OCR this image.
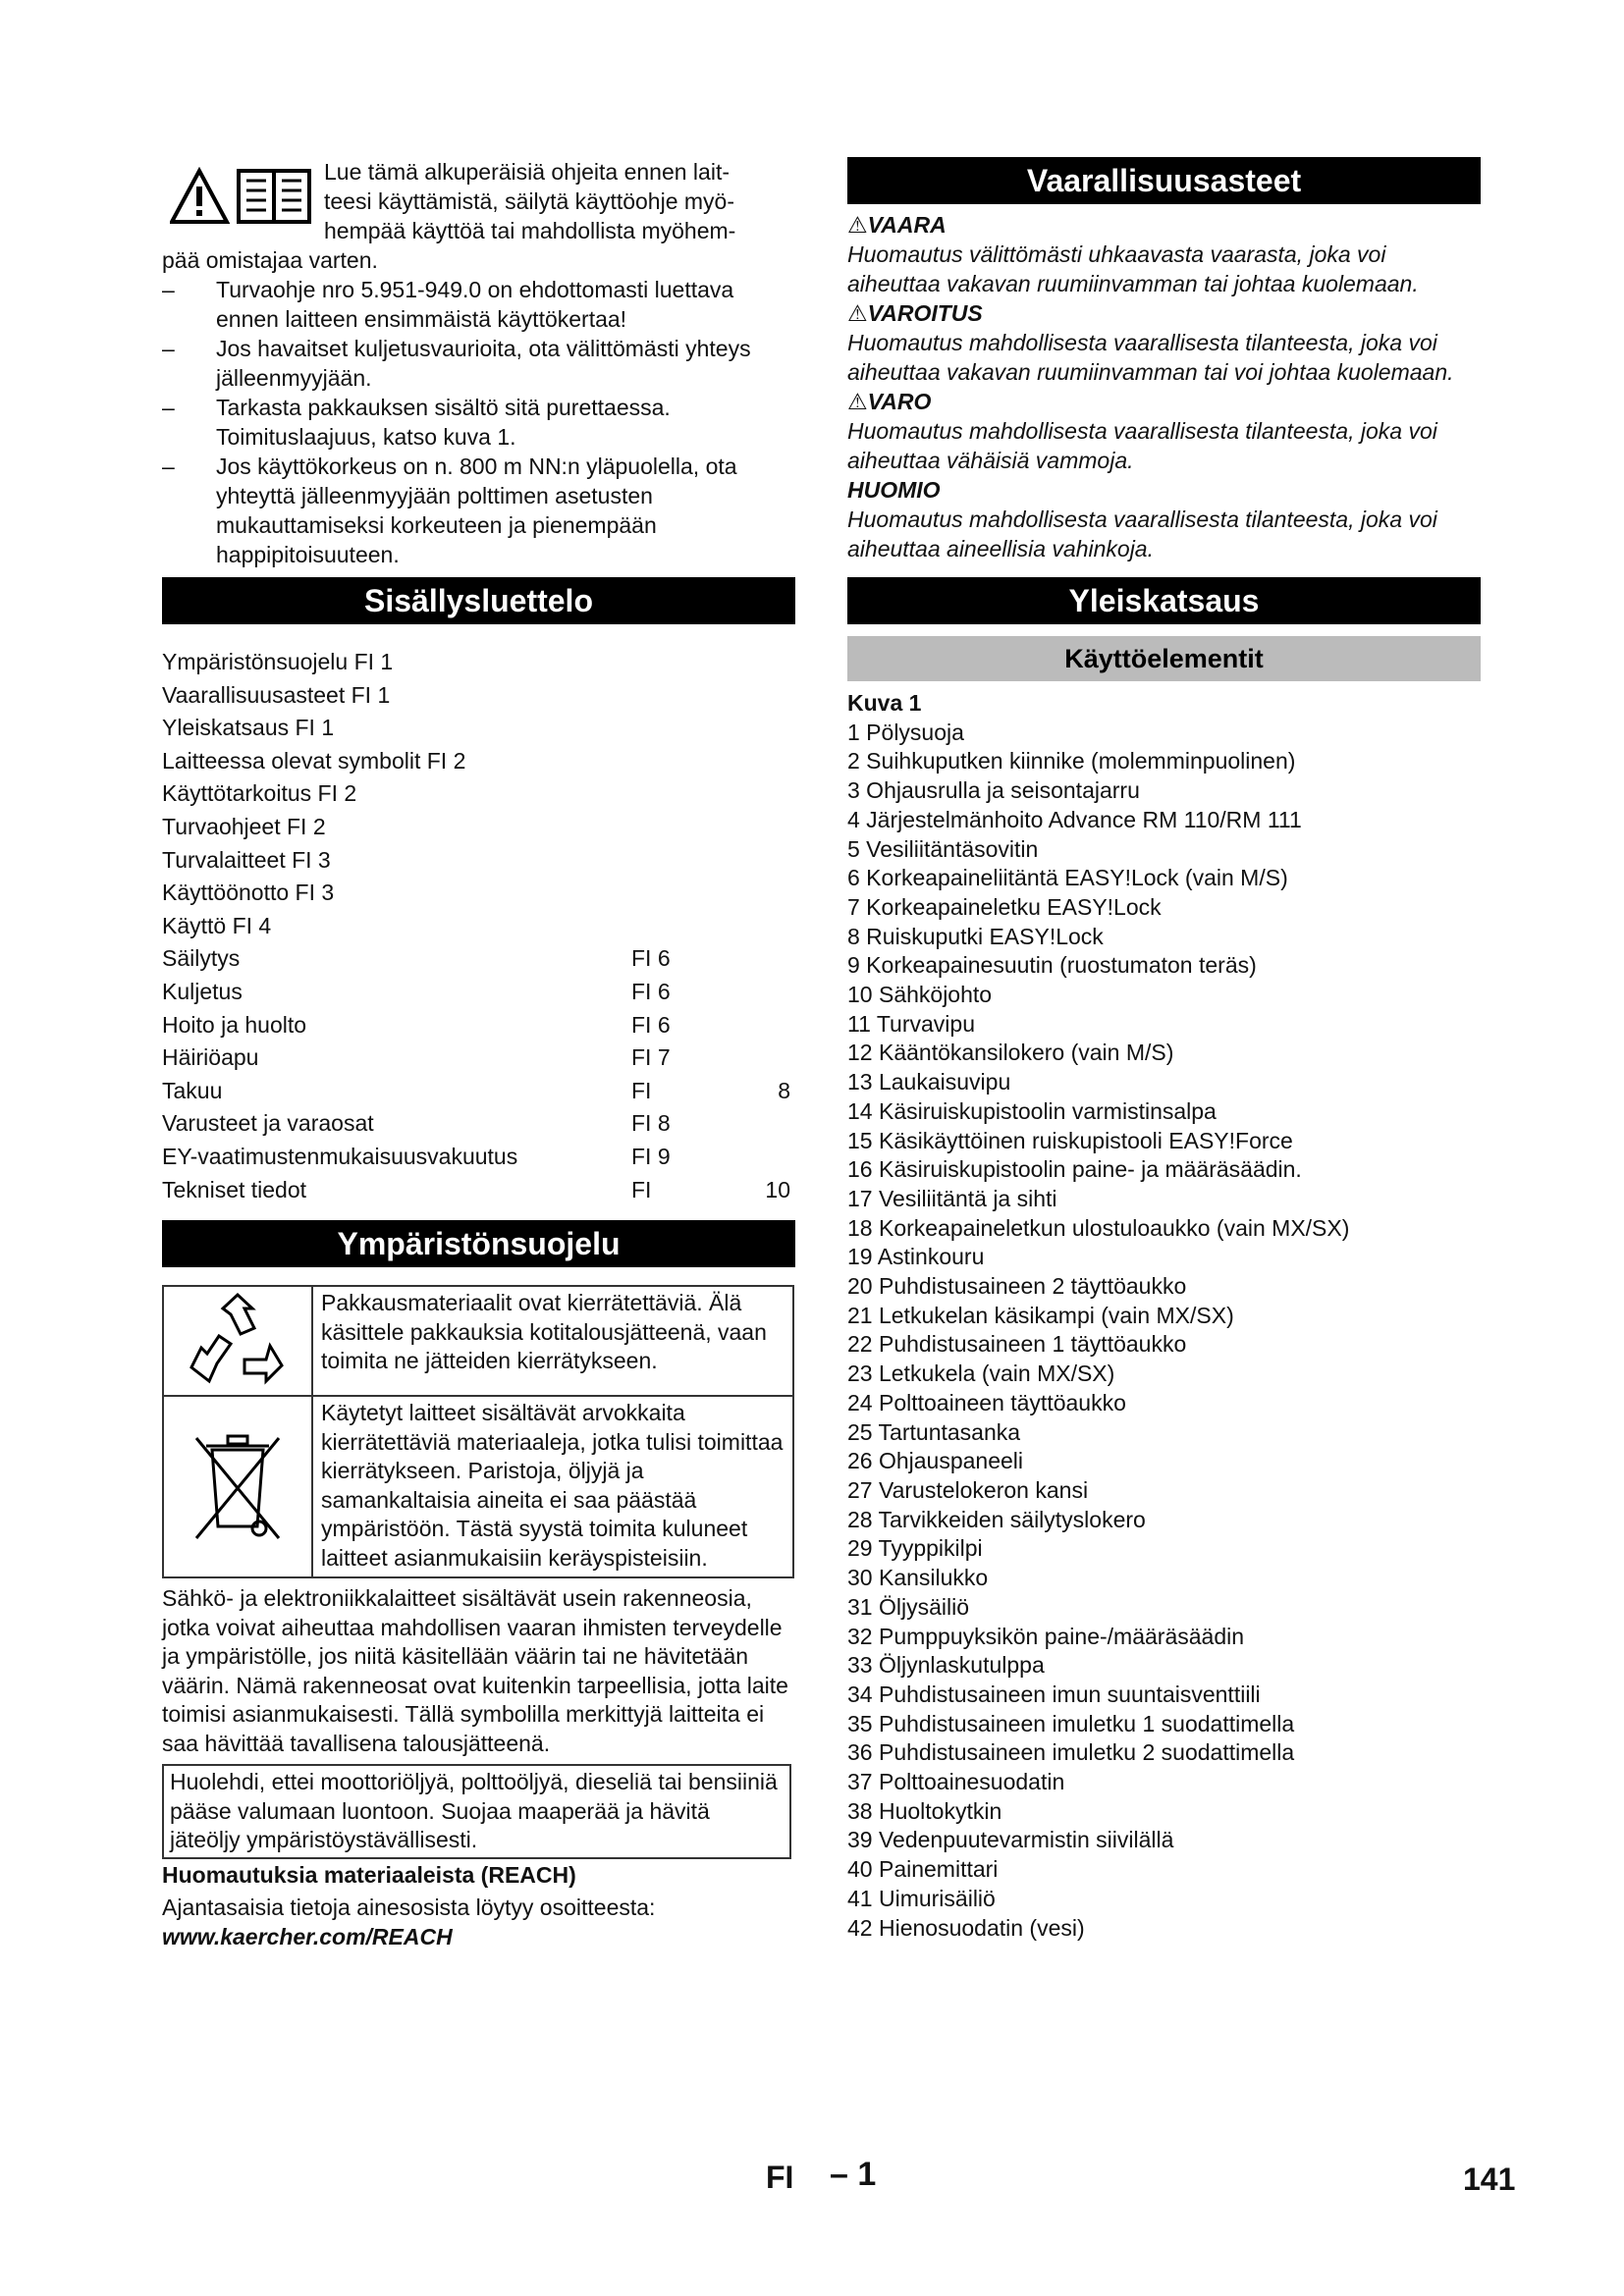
Lue tämä alkuperäisiä ohjeita ennen lait-
teesi käyttämistä, säilytä käyttöohje myö-
hempää käyttöä tai mahdollista myöhem-
pää omistajaa varten.
–	Turvaohje nro 5.951-949.0 on ehdottomasti luettava ennen laitteen ensimmäistä käyttökertaa!
–	Jos havaitset kuljetusvaurioita, ota välittömästi yhteys jälleenmyyjään.
–	Tarkasta pakkauksen sisältö sitä purettaessa. Toimituslaajuus, katso kuva 1.
–	Jos käyttökorkeus on n. 800 m NN:n yläpuolella, ota yhteyttä jälleenmyyjään polttimen asetusten mukauttamiseksi korkeuteen ja pienempään happipitoisuuteen.
Sisällysluettelo
Ympäristönsuojelu FI 1
Vaarallisuusasteet FI 1
Yleiskatsaus FI 1
Laitteessa olevat symbolit FI 2
Käyttötarkoitus FI 2
Turvaohjeet FI 2
Turvalaitteet FI 3
Käyttöönotto FI 3
Käyttö FI 4
Säilytys	FI 6
Kuljetus	FI 6
Hoito ja huolto	FI 6
Häiriöapu	FI 7
Takuu	FI	8
Varusteet ja varaosat	FI 8
EY-vaatimustenmukaisuusvakuutus	FI 9
Tekniset tiedot	FI	10
Ympäristönsuojelu
Pakkausmateriaalit ovat kierrätettäviä. Älä käsittele pakkauksia kotitalousjätteenä, vaan toimita ne jätteiden kierrätykseen.
Käytetyt laitteet sisältävät arvokkaita kierrätettäviä materiaaleja, jotka tulisi toimittaa kierrätykseen. Paristoja, öljyjä ja samankaltaisia aineita ei saa päästää ympäristöön. Tästä syystä toimita kuluneet laitteet asianmukaisiin keräyspisteisiin.
Sähkö- ja elektroniikkalaitteet sisältävät usein rakenneosia, jotka voivat aiheuttaa mahdollisen vaaran ihmisten terveydelle ja ympäristölle, jos niitä käsitellään väärin tai ne hävitetään väärin. Nämä rakenneosat ovat kuitenkin tarpeellisia, jotta laite toimisi asianmukaisesti. Tällä symbolilla merkittyjä laitteita ei saa hävittää tavallisena talousjätteenä.
Huolehdi, ettei moottoriöljyä, polttoöljyä, dieseliä tai bensiiniä pääse valumaan luontoon. Suojaa maaperää ja hävitä jäteöljy ympäristöystävällisesti.
Huomautuksia materiaaleista (REACH)
Ajantasaisia tietoja ainesosista löytyy osoitteesta:
www.kaercher.com/REACH
Vaarallisuusasteet
⚠VAARA
Huomautus välittömästi uhkaavasta vaarasta, joka voi aiheuttaa vakavan ruumiinvamman tai johtaa kuolemaan.
⚠VAROITUS
Huomautus mahdollisesta vaarallisesta tilanteesta, joka voi aiheuttaa vakavan ruumiinvamman tai voi johtaa kuolemaan.
⚠VARO
Huomautus mahdollisesta vaarallisesta tilanteesta, joka voi aiheuttaa vähäisiä vammoja.
HUOMIO
Huomautus mahdollisesta vaarallisesta tilanteesta, joka voi aiheuttaa aineellisia vahinkoja.
Yleiskatsaus
Käyttöelementit
Kuva 1
1 Pölysuoja
2 Suihkuputken kiinnike (molemminpuolinen)
3 Ohjausrulla ja seisontajarru
4 Järjestelmänhoito Advance RM 110/RM 111
5 Vesiliitäntäsovitin
6 Korkeapaineliitäntä EASY!Lock (vain M/S)
7 Korkeapaineletku EASY!Lock
8 Ruiskuputki EASY!Lock
9 Korkeapainesuutin (ruostumaton teräs)
10 Sähköjohto
11 Turvavipu
12 Kääntökansilokero (vain M/S)
13 Laukaisuvipu
14 Käsiruiskupistoolin varmistinsalpa
15 Käsikäyttöinen ruiskupistooli EASY!Force
16 Käsiruiskupistoolin paine- ja määräsäädin.
17 Vesiliitäntä ja sihti
18 Korkeapaineletkun ulostuloaukko (vain MX/SX)
19 Astinkouru
20 Puhdistusaineen 2 täyttöaukko
21 Letkukelan käsikampi (vain MX/SX)
22 Puhdistusaineen 1 täyttöaukko
23 Letkukela (vain MX/SX)
24 Polttoaineen täyttöaukko
25 Tartuntasanka
26 Ohjauspaneeli
27 Varustelokeron kansi
28 Tarvikkeiden säilytyslokero
29 Tyyppikilpi
30 Kansilukko
31 Öljysäiliö
32 Pumppuyksikön paine-/määräsäädin
33 Öljynlaskutulppa
34 Puhdistusaineen imun suuntaisventtiili
35 Puhdistusaineen imuletku 1 suodattimella
36 Puhdistusaineen imuletku 2 suodattimella
37 Polttoainesuodatin
38 Huoltokytkin
39 Vedenpuutevarmistin siivilällä
40 Painemittari
41 Uimurisäiliö
42 Hienosuodatin (vesi)
FI – 1	141
